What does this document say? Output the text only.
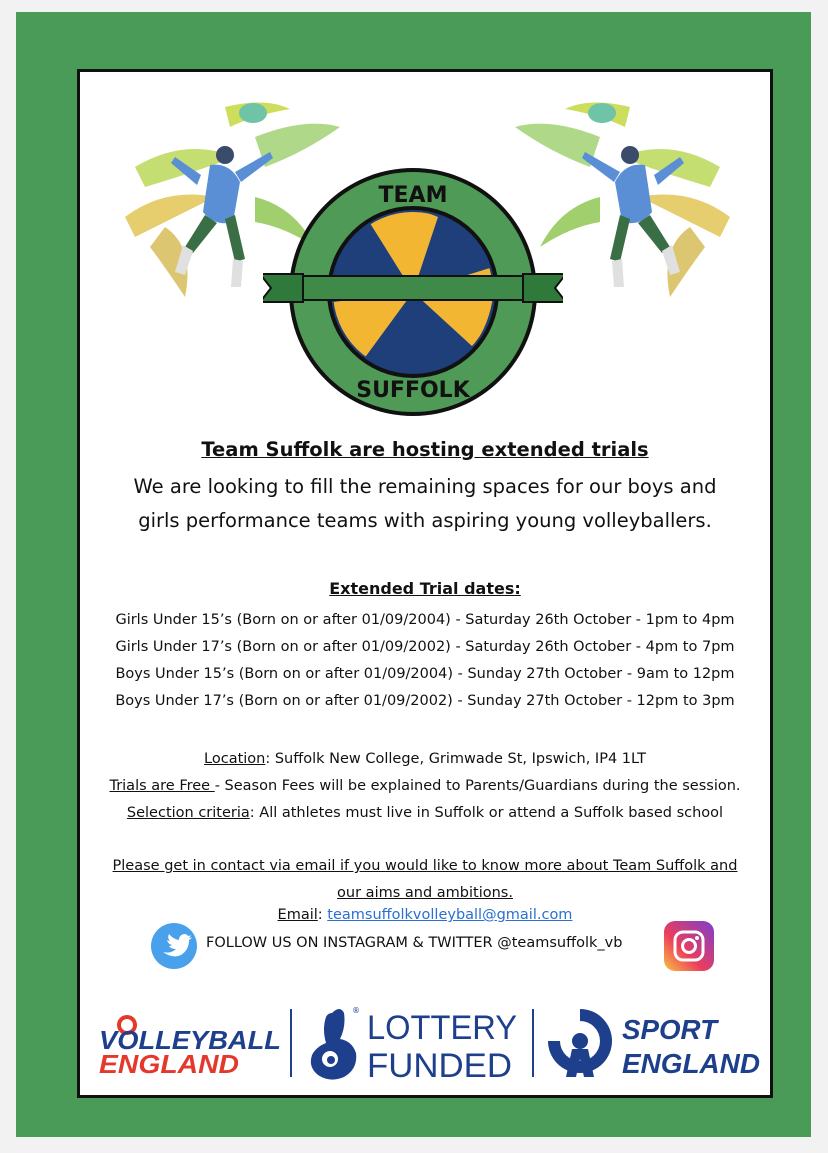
TEAM
SUFFOLK
Team Suffolk are hosting extended trials
We are looking to fill the remaining spaces for our boys and girls performance teams with aspiring young volleyballers.
Extended Trial dates:
Girls Under 15’s (Born on or after 01/09/2004) - Saturday 26th October - 1pm to 4pm
Girls Under 17’s (Born on or after 01/09/2002) - Saturday 26th October - 4pm to 7pm
Boys Under 15’s (Born on or after 01/09/2004) - Sunday 27th October - 9am to 12pm
Boys Under 17’s (Born on or after 01/09/2002) - Sunday 27th October - 12pm to 3pm
Location: Suffolk New College, Grimwade St, Ipswich, IP4 1LT
Trials are Free - Season Fees will be explained to Parents/Guardians during the session.
Selection criteria: All athletes must live in Suffolk or attend a Suffolk based school
Please get in contact via email if you would like to know more about Team Suffolk and our aims and ambitions.
Email: teamsuffolkvolleyball@gmail.com
FOLLOW US ON INSTAGRAM & TWITTER @teamsuffolk_vb
VOLLEYBALL
ENGLAND
® LOTTERY
FUNDED
SPORT
ENGLAND
